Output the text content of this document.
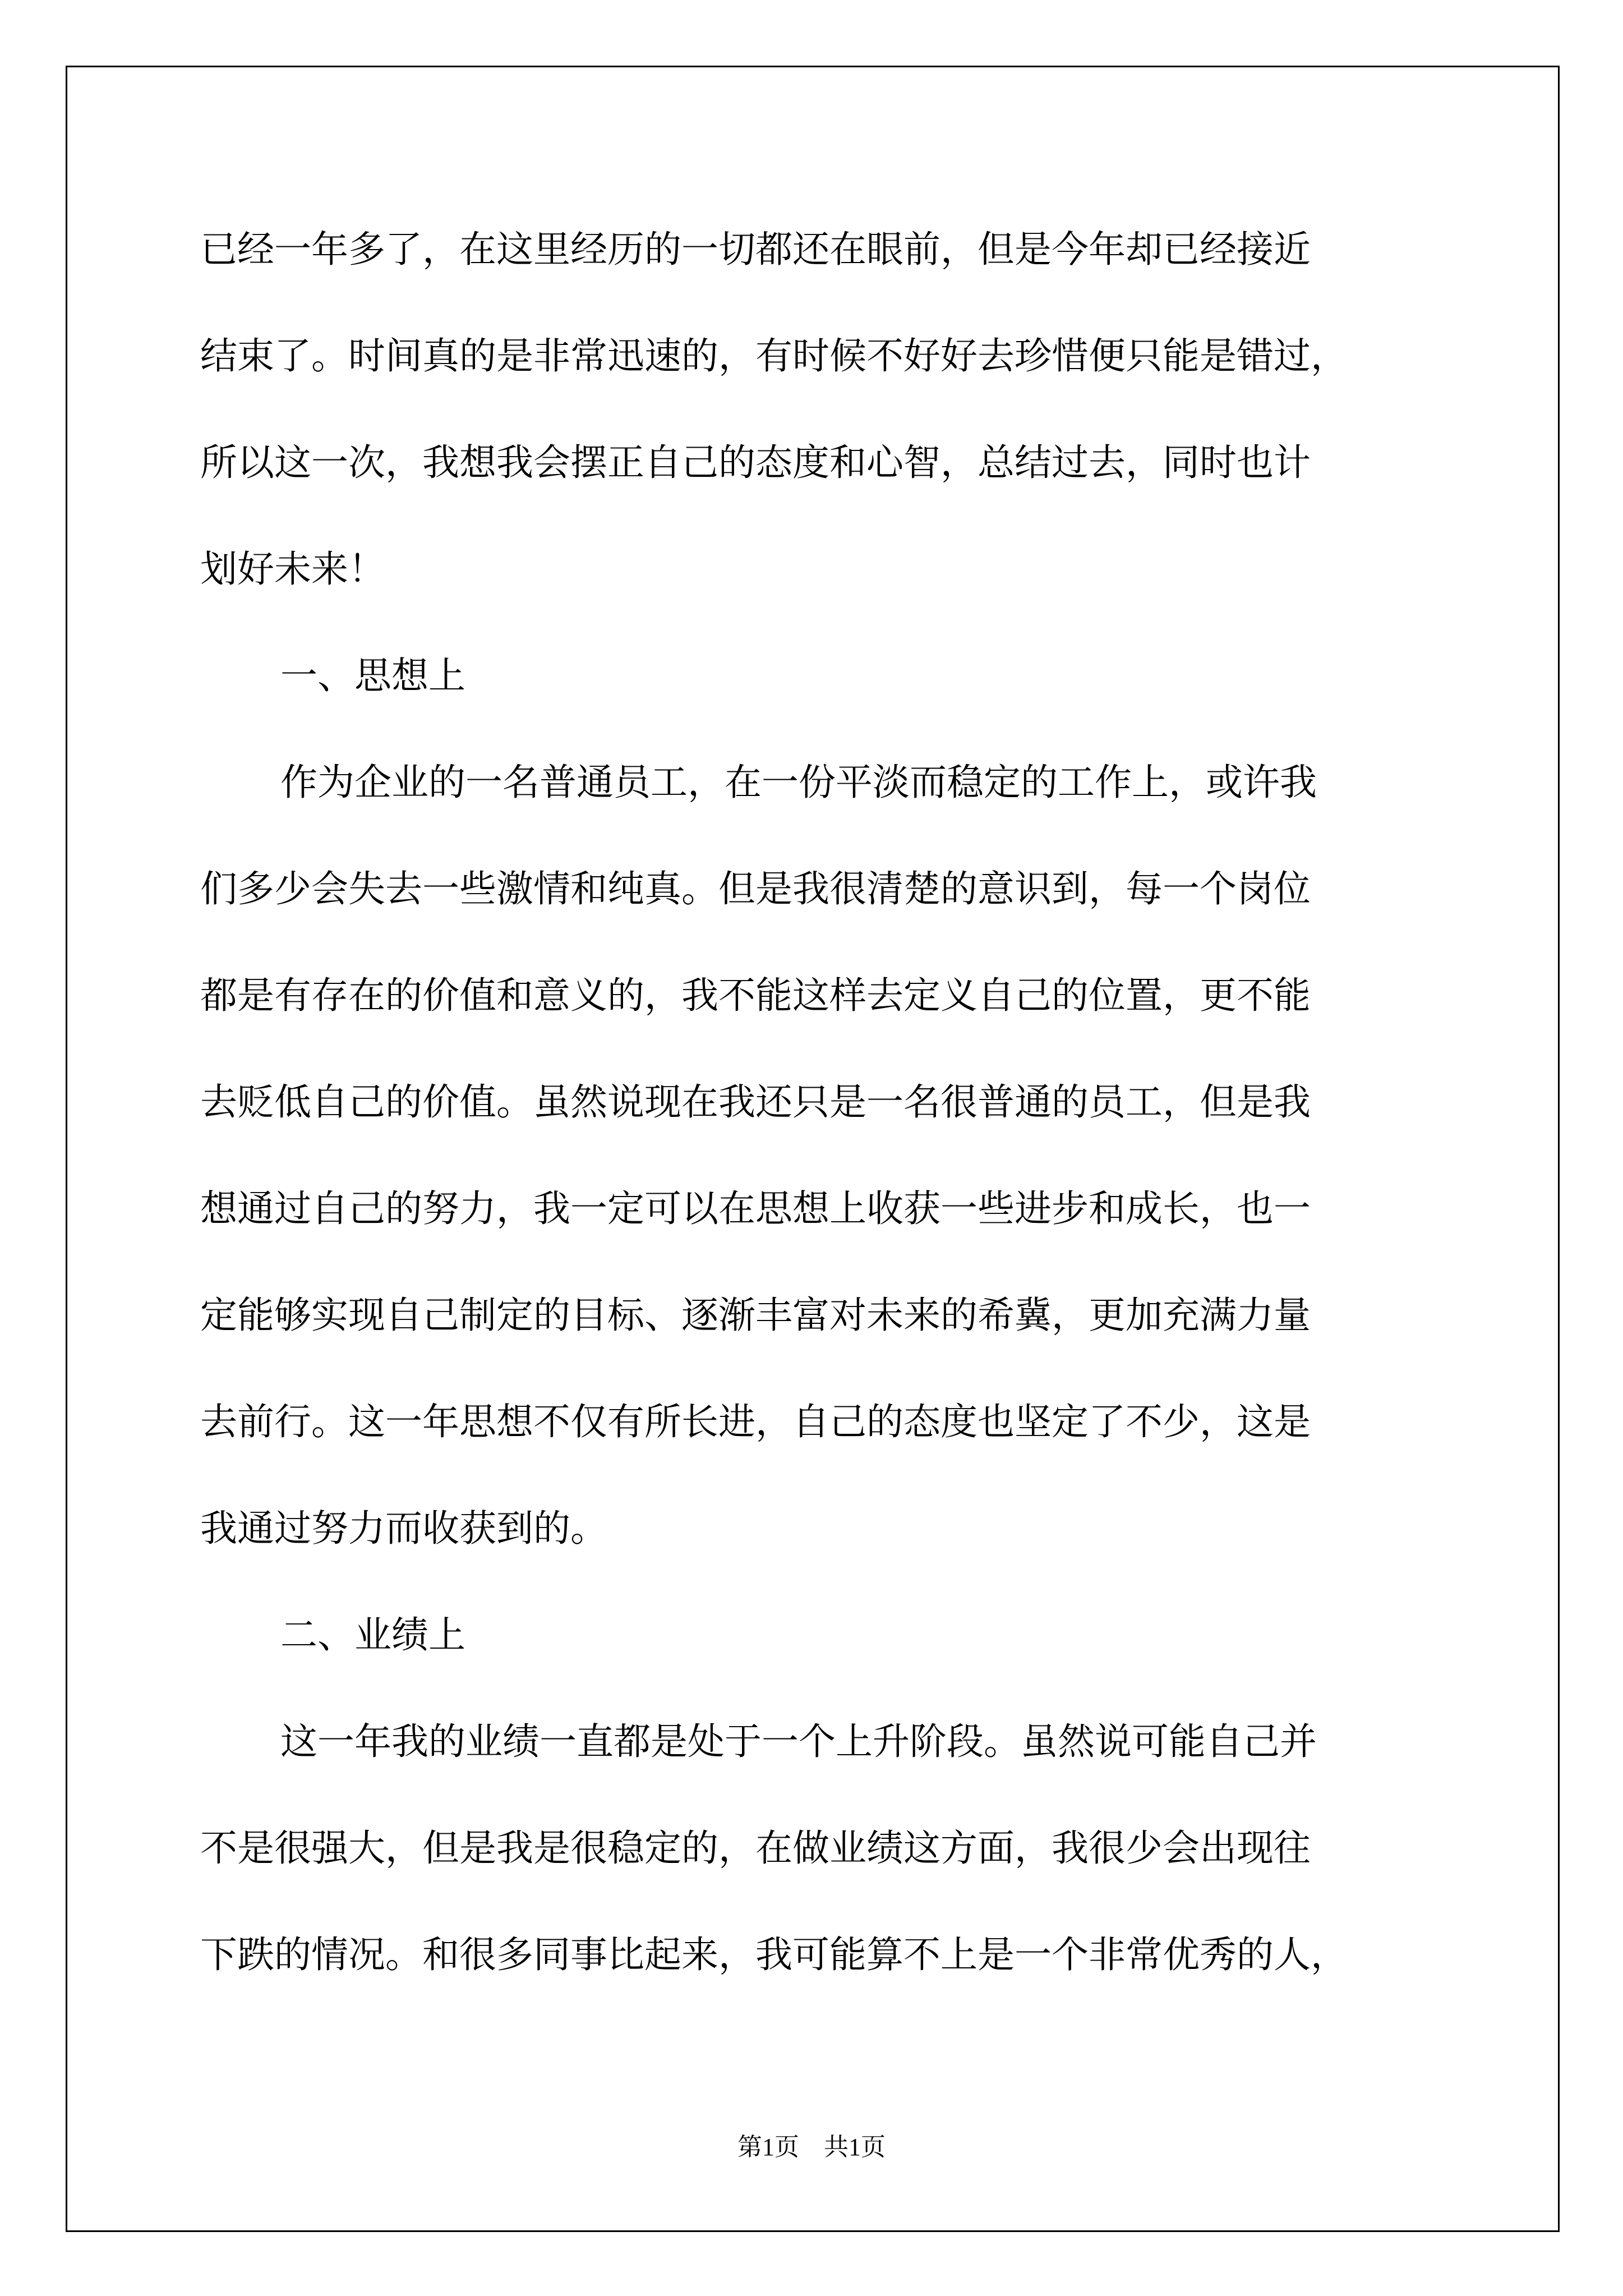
已经一年多了，在这里经历的一切都还在眼前，但是今年却已经接近

结束了。时间真的是非常迅速的，有时候不好好去珍惜便只能是错过，

所以这一次，我想我会摆正自己的态度和心智，总结过去，同时也计

划好未来！

一、思想上

作为企业的一名普通员工，在一份平淡而稳定的工作上，或许我

们多少会失去一些激情和纯真。但是我很清楚的意识到，每一个岗位

都是有存在的价值和意义的，我不能这样去定义自己的位置，更不能

去贬低自己的价值。虽然说现在我还只是一名很普通的员工，但是我

想通过自己的努力，我一定可以在思想上收获一些进步和成长，也一

定能够实现自己制定的目标、逐渐丰富对未来的希冀，更加充满力量

去前行。这一年思想不仅有所长进，自己的态度也坚定了不少，这是

我通过努力而收获到的。

二、业绩上

这一年我的业绩一直都是处于一个上升阶段。虽然说可能自己并

不是很强大，但是我是很稳定的，在做业绩这方面，我很少会出现往

下跌的情况。和很多同事比起来，我可能算不上是一个非常优秀的人，

第1页　共1页
